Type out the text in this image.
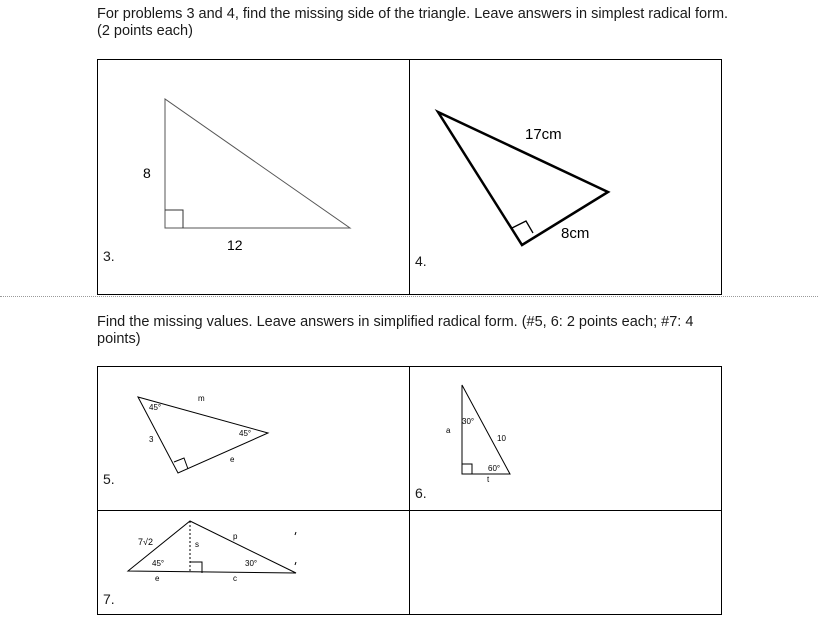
For problems 3 and 4, find the missing side of the triangle. Leave answers in simplest radical form. (2 points each)
3.	4.
8
12
17cm
8cm
Find the missing values. Leave answers in simplified radical form. (#5, 6: 2 points each; #7: 4 points)
5.
6.
7.
45°
m
3
45°
e
30°
a
10
60°
t
7√2
45°
s
p
30°
e	c
